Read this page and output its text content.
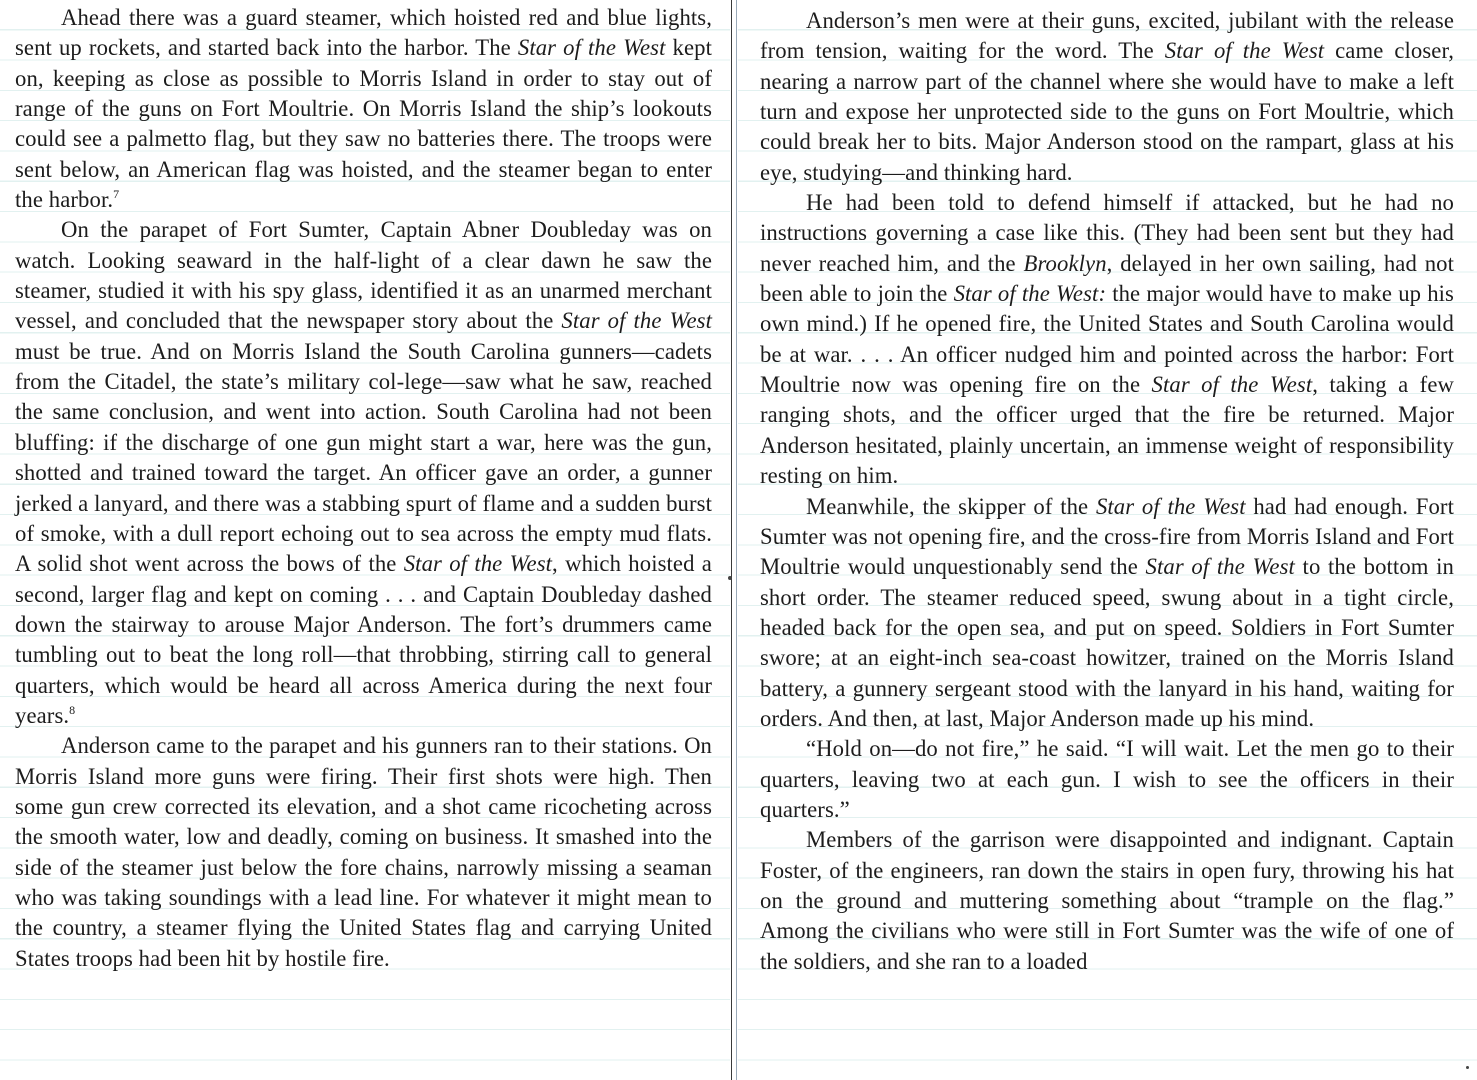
Ahead there was a guard steamer, which hoisted red and blue lights, sent up rockets, and started back into the harbor. The Star of the West kept on, keeping as close as possible to Morris Island in order to stay out of range of the guns on Fort Moultrie. On Morris Island the ship’s lookouts could see a palmetto flag, but they saw no batteries there. The troops were sent below, an American flag was hoisted, and the steamer began to enter the harbor.$^7$

On the parapet of Fort Sumter, Captain Abner Doubleday was on watch. Looking seaward in the half-light of a clear dawn he saw the steamer, studied it with his spy glass, identified it as an unarmed merchant vessel, and concluded that the newspaper story about the Star of the West must be true. And on Morris Island the South Carolina gunners—cadets from the Citadel, the state’s military col-lege—saw what he saw, reached the same conclusion, and went into action. South Carolina had not been bluffing: if the discharge of one gun might start a war, here was the gun, shotted and trained toward the target. An officer gave an order, a gunner jerked a lanyard, and there was a stabbing spurt of flame and a sudden burst of smoke, with a dull report echoing out to sea across the empty mud flats. A solid shot went across the bows of the Star of the West, which hoisted a second, larger flag and kept on coming . . . and Captain Doubleday dashed down the stairway to arouse Major Anderson. The fort’s drummers came tumbling out to beat the long roll—that throbbing, stirring call to general quarters, which would be heard all across America during the next four years.$^8$

Anderson came to the parapet and his gunners ran to their stations. On Morris Island more guns were firing. Their first shots were high. Then some gun crew corrected its elevation, and a shot came ricocheting across the smooth water, low and deadly, coming on business. It smashed into the side of the steamer just below the fore chains, narrowly missing a seaman who was taking soundings with a lead line. For whatever it might mean to the country, a steamer flying the United States flag and carrying United States troops had been hit by hostile fire.

Anderson’s men were at their guns, excited, jubilant with the release from tension, waiting for the word. The Star of the West came closer, nearing a narrow part of the channel where she would have to make a left turn and expose her unprotected side to the guns on Fort Moultrie, which could break her to bits. Major Anderson stood on the rampart, glass at his eye, studying—and thinking hard.

He had been told to defend himself if attacked, but he had no instructions governing a case like this. (They had been sent but they had never reached him, and the Brooklyn, delayed in her own sailing, had not been able to join the Star of the West: the major would have to make up his own mind.) If he opened fire, the United States and South Carolina would be at war. . . . An officer nudged him and pointed across the harbor: Fort Moultrie now was opening fire on the Star of the West, taking a few ranging shots, and the officer urged that the fire be returned. Major Anderson hesitated, plainly uncertain, an immense weight of responsibility resting on him.

Meanwhile, the skipper of the Star of the West had had enough. Fort Sumter was not opening fire, and the cross-fire from Morris Island and Fort Moultrie would unquestionably send the Star of the West to the bottom in short order. The steamer reduced speed, swung about in a tight circle, headed back for the open sea, and put on speed. Soldiers in Fort Sumter swore; at an eight-inch sea-coast howitzer, trained on the Morris Island battery, a gunnery sergeant stood with the lanyard in his hand, waiting for orders. And then, at last, Major Anderson made up his mind.

“Hold on—do not fire,” he said. “I will wait. Let the men go to their quarters, leaving two at each gun. I wish to see the officers in their quarters.”

Members of the garrison were disappointed and indignant. Captain Foster, of the engineers, ran down the stairs in open fury, throwing his hat on the ground and muttering something about “trample on the flag.” Among the civilians who were still in Fort Sumter was the wife of one of the soldiers, and she ran to a loaded
